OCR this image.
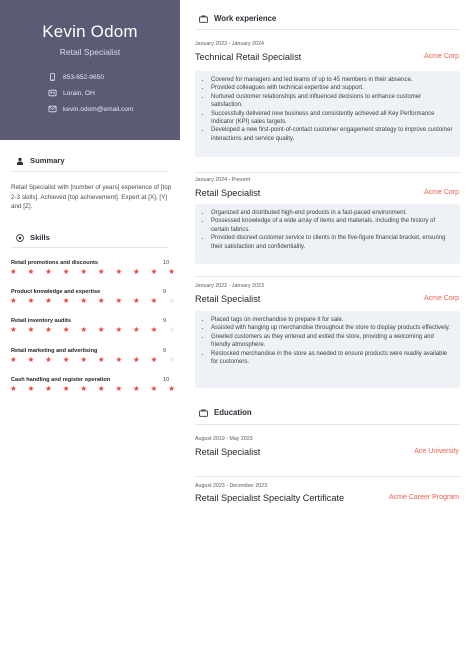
Kevin Odom
Retail Specialist
853-652-9650
Lorain, OH
kevin.odom@email.com
Summary
Retail Specialist with [number of years] experience of [top 2-3 skills]. Achieved [top achievement]. Expert at [X], [Y] and [Z].
Skills
Retail promotions and discounts	10
★ ★ ★ ★ ★ ★ ★ ★ ★ ★
Product knowledge and expertise	9
★ ★ ★ ★ ★ ★ ★ ★ ★ ★
Retail inventory audits	9
★ ★ ★ ★ ★ ★ ★ ★ ★ ★
Retail marketing and advertising	9
★ ★ ★ ★ ★ ★ ★ ★ ★ ★
Cash handling and register operation	10
★ ★ ★ ★ ★ ★ ★ ★ ★ ★
Work experience
January 2023 - January 2024
Technical Retail Specialist	Acme Corp
• Covered for managers and led teams of up to 45 members in their absence.
• Provided colleagues with technical expertise and support.
• Nurtured customer relationships and influenced decisions to enhance customer satisfaction.
• Successfully delivered new business and consistently achieved all Key Performance Indicator (KPI) sales targets.
• Developed a new first-point-of-contact customer engagement strategy to improve customer interactions and service quality.
January 2024 - Present
Retail Specialist	Acme Corp
• Organized and distributed high-end products in a fast-paced environment.
• Possessed knowledge of a wide array of items and materials, including the history of certain fabrics.
• Provided discreet customer service to clients in the five-figure financial bracket, ensuring their satisfaction and confidentiality.
January 2022 - January 2023
Retail Specialist	Acme Corp
• Placed tags on merchandise to prepare it for sale.
• Assisted with hanging up merchandise throughout the store to display products effectively.
• Greeted customers as they entered and exited the store, providing a welcoming and friendly atmosphere.
• Restocked merchandise in the store as needed to ensure products were readily available for customers.
Education
August 2019 - May 2023
Retail Specialist	Ace University
August 2023 - December 2023
Retail Specialist Specialty Certificate	Acme Career Program
